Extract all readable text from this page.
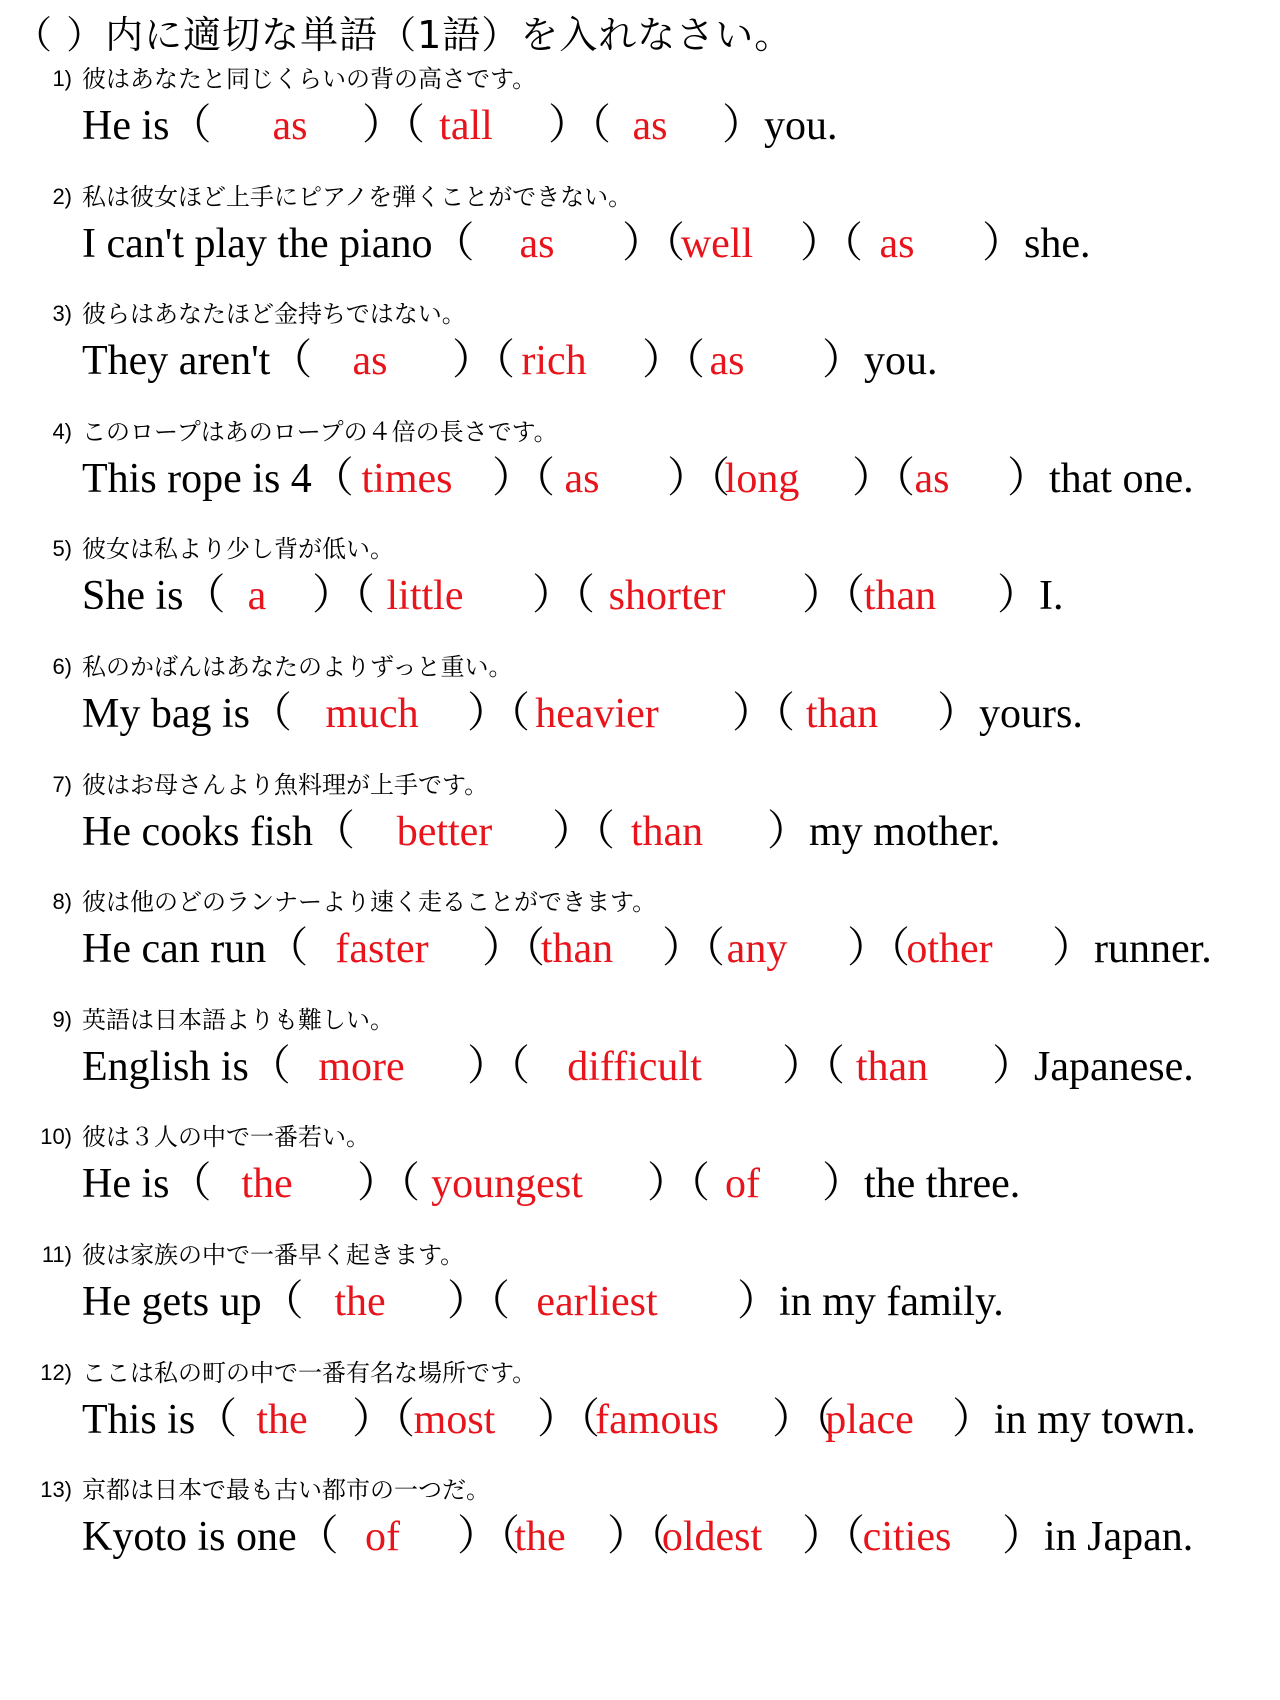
（ ）内に適切な単語（1語）を入れなさい。
1) 彼はあなたと同じくらいの背の高さです。
He is（ as ）（ tall	）（ as ）you.
2) 私は彼女ほど上手にピアノを弾くことができない。
I can't play the piano（ as ）（
well ）（ as ）she.
3) 彼らはあなたほど金持ちではない。
They aren't（ as ）（ rich ）（ as ）you.
4) このロープはあのロープの４倍の長さです。
This rope is 4（ times ）（ as ）（
long ）（ as ）that one.
5) 彼女は私より少し背が低い。
She is（ a ）（ little ）（ shorter ）（
than ）I.
6) 私のかばんはあなたのよりずっと重い。
My bag is（ much ）（ heavier ）（ than ）yours.
7) 彼はお母さんより魚料理が上手です。
He cooks fish（ better ）（ than ）my mother.
8) 彼は他のどのランナーより速く走ることができます。
He can run（ faster ）（
than ）（ any ）（
other ）runner.
9) 英語は日本語よりも難しい。
English is（ more ）（ difficult ）（ than ）Japanese.
10) 彼は３人の中で一番若い。
He is（ the ）（ youngest ）（ of ）the three.
11) 彼は家族の中で一番早く起きます。
He gets up（ the ）（ earliest ）in my family.
12) ここは私の町の中で一番有名な場所です。
This is（ the ）（
most ）（
famous ）（
place ）in my town.
13) 京都は日本で最も古い都市の一つだ。
Kyoto is one（ of ）（
the ）（
oldest ）（
cities ）in Japan.
